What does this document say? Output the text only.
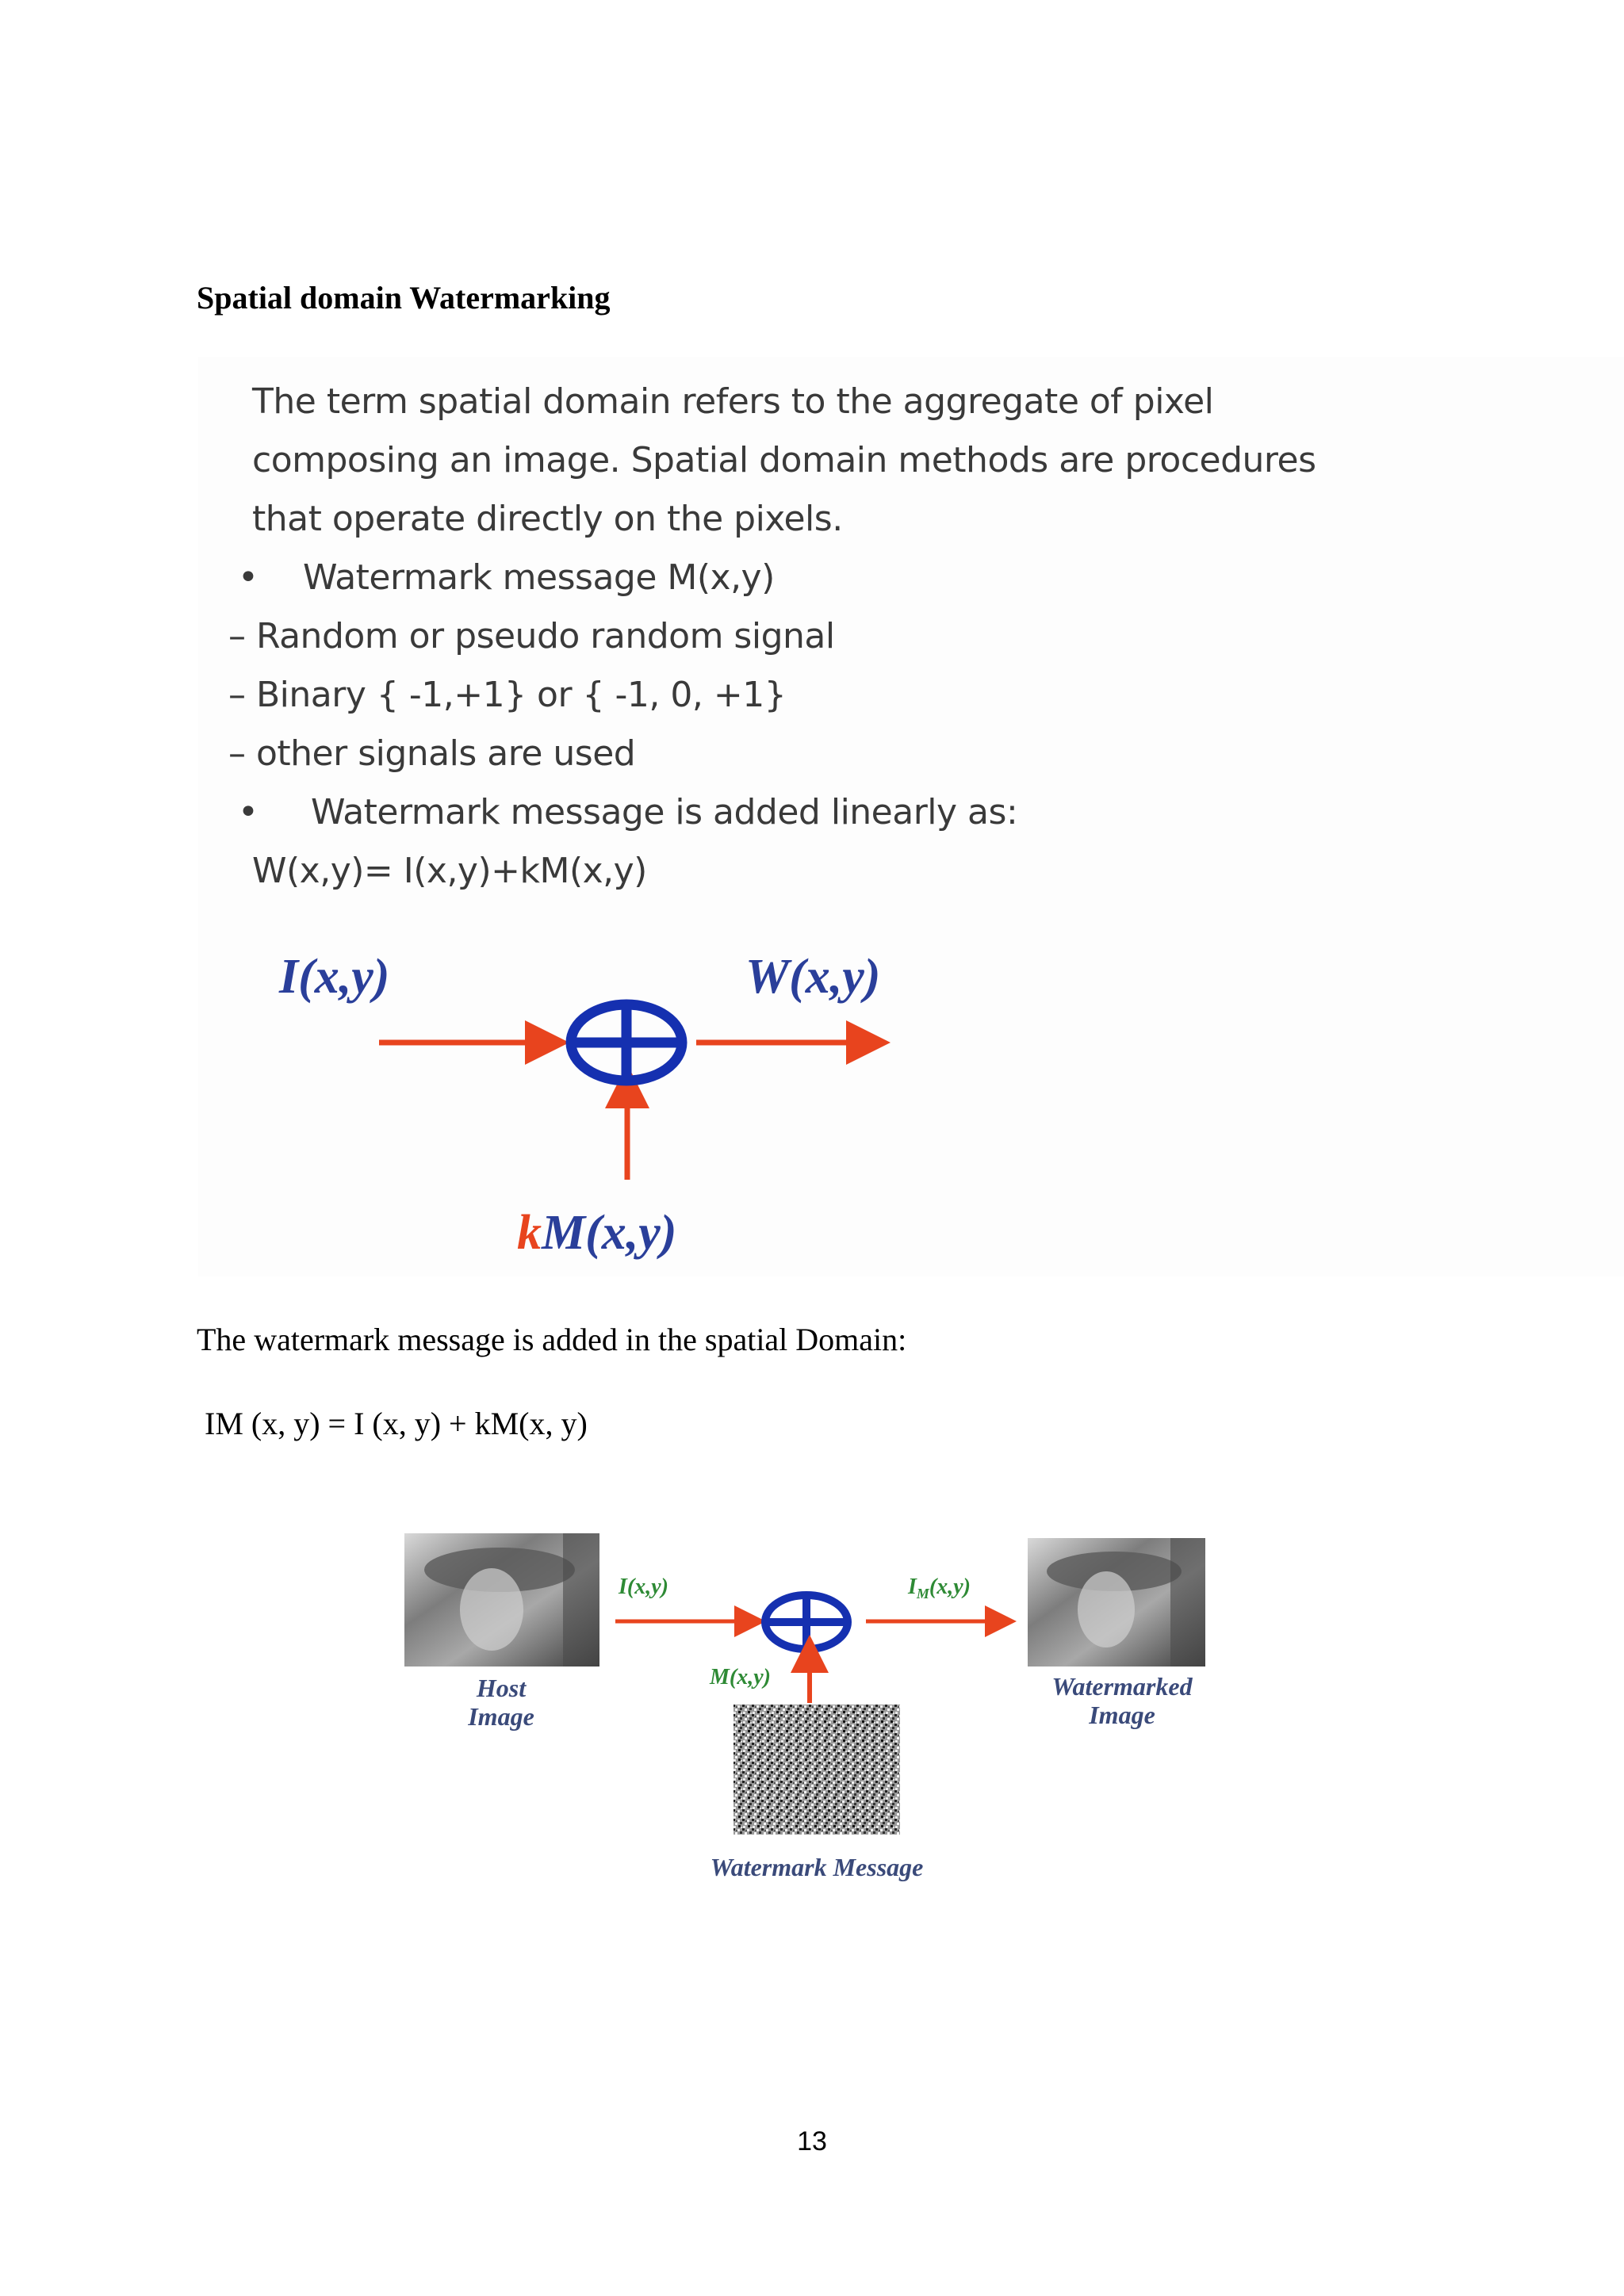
Spatial domain Watermarking
The term spatial domain refers to the aggregate of pixel
composing an image. Spatial domain methods are procedures
that operate directly on the pixels.
• Watermark message M(x,y)
– Random or pseudo random signal
– Binary { -1,+1} or { -1, 0, +1}
– other signals are used
• Watermark message is added linearly as:
W(x,y)= I(x,y)+kM(x,y)
I(x,y)	W(x,y)
kM(x,y)
The watermark message is added in the spatial Domain:
IM (x, y) = I (x, y) + kM(x, y)
Host
Image
I(x,y)	$I_M(x,y)$
Watermarked
Image
M(x,y)
Watermark Message
13
